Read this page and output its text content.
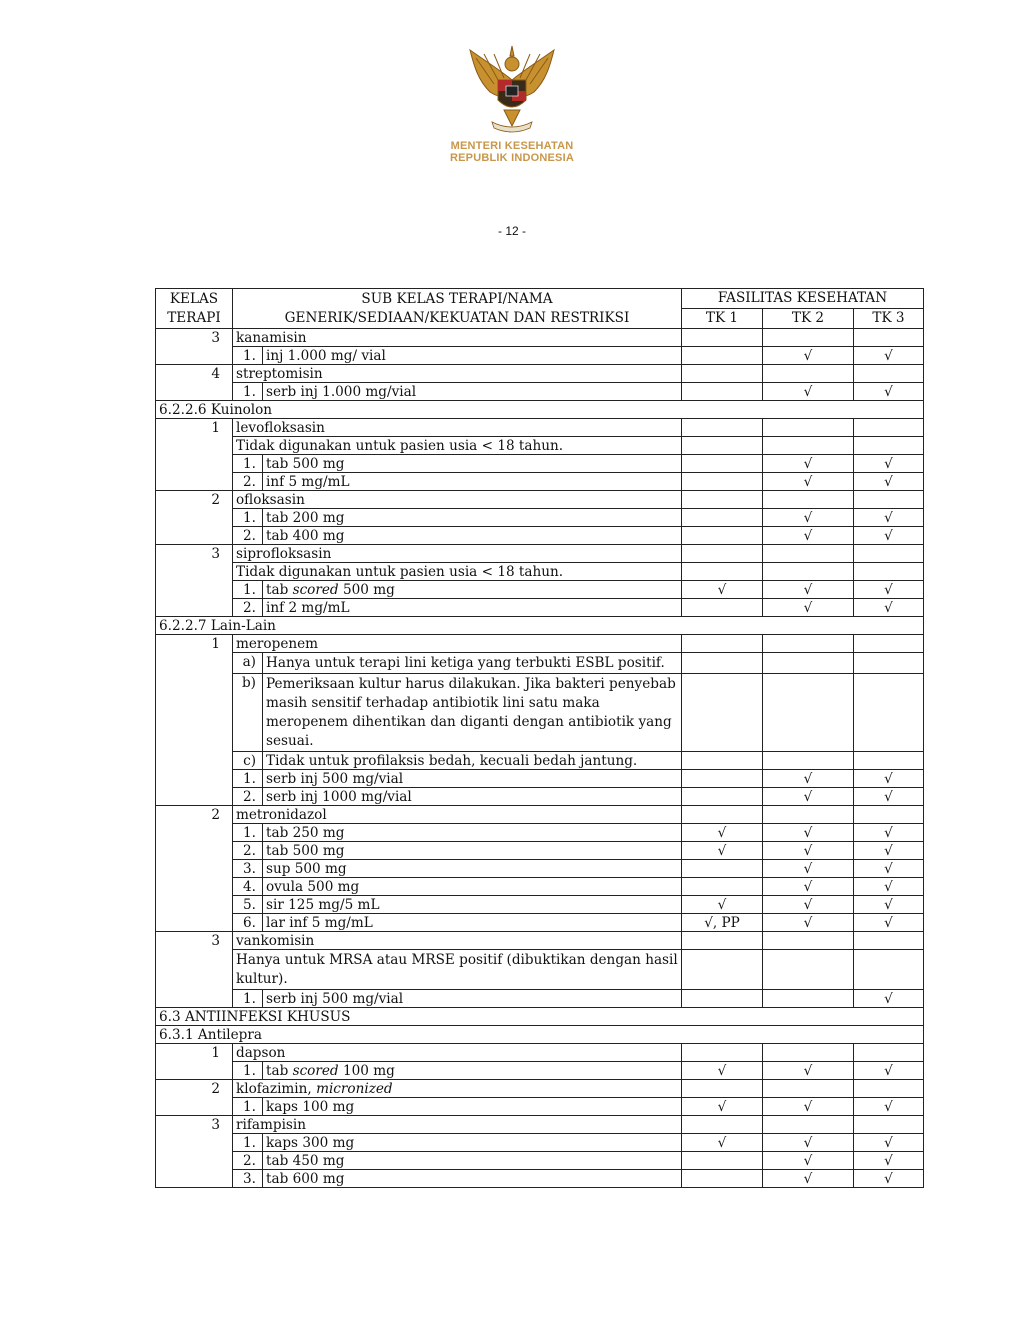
MENTERI KESEHATAN
REPUBLIK INDONESIA
- 12 -
KELAS
TERAPI	SUB KELAS TERAPI/NAMA
GENERIK/SEDIAAN/KEKUATAN DAN RESTRIKSI		FASILITAS KESEHATAN		
			TK 1	TK 2	TK 3
3	kanamisin				
	1.	inj 1.000 mg/ vial		√	√
4	streptomisin				
	1.	serb inj 1.000 mg/vial		√	√
6.2.2.6 Kuinolon					
1	levofloksasin				
	Tidak digunakan untuk pasien usia < 18 tahun.				
	1.	tab 500 mg		√	√
	2.	inf 5 mg/mL		√	√
2	ofloksasin				
	1.	tab 200 mg		√	√
	2.	tab 400 mg		√	√
3	siprofloksasin				
	Tidak digunakan untuk pasien usia < 18 tahun.				
	1.	tab scored 500 mg	√	√	√
	2.	inf 2 mg/mL		√	√
6.2.2.7 Lain-Lain					
1	meropenem				
	a)	Hanya untuk terapi lini ketiga yang terbukti ESBL positif.			
	b)	Pemeriksaan kultur harus dilakukan. Jika bakteri penyebab masih sensitif terhadap antibiotik lini satu maka meropenem dihentikan dan diganti dengan antibiotik yang sesuai.			
	c)	Tidak untuk profilaksis bedah, kecuali bedah jantung.			
	1.	serb inj 500 mg/vial		√	√
	2.	serb inj 1000 mg/vial		√	√
2	metronidazol				
	1.	tab 250 mg	√	√	√
	2.	tab 500 mg	√	√	√
	3.	sup 500 mg		√	√
	4.	ovula 500 mg		√	√
	5.	sir 125 mg/5 mL	√	√	√
	6.	lar inf 5 mg/mL	√, PP	√	√
3	vankomisin				
	Hanya untuk MRSA atau MRSE positif (dibuktikan dengan hasil kultur).				
	1.	serb inj 500 mg/vial			√
6.3 ANTIINFEKSI KHUSUS					
6.3.1 Antilepra					
1	dapson				
	1.	tab scored 100 mg	√	√	√
2	klofazimin, micronized				
	1.	kaps 100 mg	√	√	√
3	rifampisin				
	1.	kaps 300 mg	√	√	√
	2.	tab 450 mg		√	√
	3.	tab 600 mg		√	√
